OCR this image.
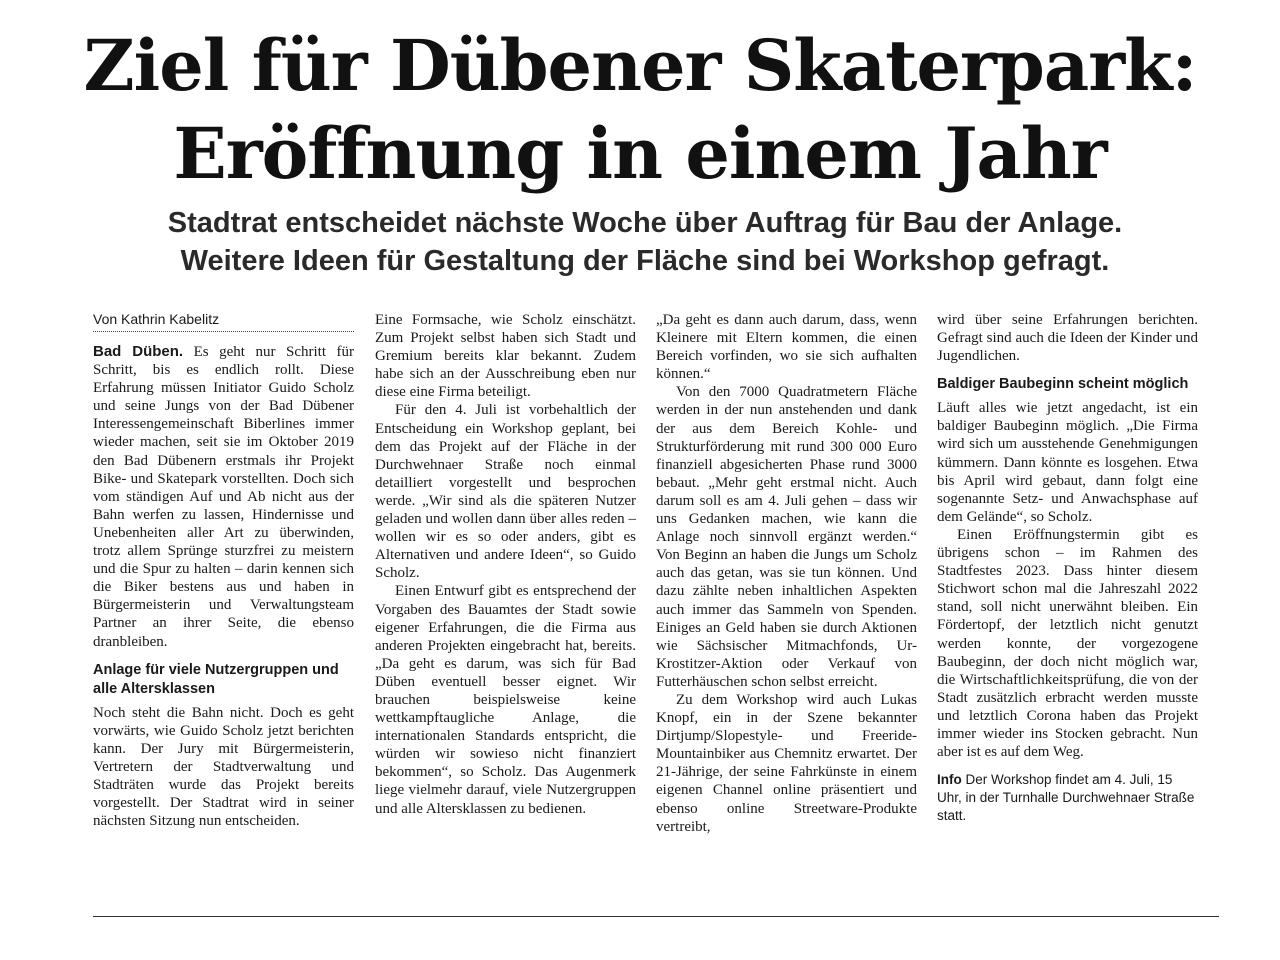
Ziel für Dübener Skaterpark:
Eröffnung in einem Jahr
Stadtrat entscheidet nächste Woche über Auftrag für Bau der Anlage.
Weitere Ideen für Gestaltung der Fläche sind bei Workshop gefragt.
Von Kathrin Kabelitz

Bad Düben. Es geht nur Schritt für Schritt, bis es endlich rollt. Diese Erfahrung müssen Initiator Guido Scholz und seine Jungs von der Bad Dübener Interessengemeinschaft Biberlines immer wieder machen, seit sie im Oktober 2019 den Bad Dübenern erstmals ihr Projekt Bike- und Skatepark vorstellten. Doch sich vom ständigen Auf und Ab nicht aus der Bahn werfen zu lassen, Hindernisse und Unebenheiten aller Art zu überwinden, trotz allem Sprünge sturzfrei zu meistern und die Spur zu halten – darin kennen sich die Biker bestens aus und haben in Bürgermeisterin und Verwaltungsteam Partner an ihrer Seite, die ebenso dranbleiben.

Anlage für viele Nutzergruppen und alle Altersklassen

Noch steht die Bahn nicht. Doch es geht vorwärts, wie Guido Scholz jetzt berichten kann. Der Jury mit Bürgermeisterin, Vertretern der Stadtverwaltung und Stadträten wurde das Projekt bereits vorgestellt. Der Stadtrat wird in seiner nächsten Sitzung nun entscheiden.

Eine Formsache, wie Scholz einschätzt. Zum Projekt selbst haben sich Stadt und Gremium bereits klar bekannt. Zudem habe sich an der Ausschreibung eben nur diese eine Firma beteiligt.

Für den 4. Juli ist vorbehaltlich der Entscheidung ein Workshop geplant, bei dem das Projekt auf der Fläche in der Durchwehnaer Straße noch einmal detailliert vorgestellt und besprochen werde. „Wir sind als die späteren Nutzer geladen und wollen dann über alles reden – wollen wir es so oder anders, gibt es Alternativen und andere Ideen“, so Guido Scholz.

Einen Entwurf gibt es entsprechend der Vorgaben des Bauamtes der Stadt sowie eigener Erfahrungen, die die Firma aus anderen Projekten eingebracht hat, bereits. „Da geht es darum, was sich für Bad Düben eventuell besser eignet. Wir brauchen beispielsweise keine wettkampftaugliche Anlage, die internationalen Standards entspricht, die würden wir sowieso nicht finanziert bekommen“, so Scholz. Das Augenmerk liege vielmehr darauf, viele Nutzergruppen und alle Altersklassen zu bedienen.

„Da geht es dann auch darum, dass, wenn Kleinere mit Eltern kommen, die einen Bereich vorfinden, wo sie sich aufhalten können.“

Von den 7000 Quadratmetern Fläche werden in der nun anstehenden und dank der aus dem Bereich Kohle- und Strukturförderung mit rund 300 000 Euro finanziell abgesicherten Phase rund 3000 bebaut. „Mehr geht erstmal nicht. Auch darum soll es am 4. Juli gehen – dass wir uns Gedanken machen, wie kann die Anlage noch sinnvoll ergänzt werden.“ Von Beginn an haben die Jungs um Scholz auch das getan, was sie tun können. Und dazu zählte neben inhaltlichen Aspekten auch immer das Sammeln von Spenden. Einiges an Geld haben sie durch Aktionen wie Sächsischer Mitmachfonds, Ur-Krostitzer-Aktion oder Verkauf von Futterhäuschen schon selbst erreicht.

Zu dem Workshop wird auch Lukas Knopf, ein in der Szene bekannter Dirtjump/Slopestyle- und Freeride-Mountainbiker aus Chemnitz erwartet. Der 21-Jährige, der seine Fahrkünste in einem eigenen Channel online präsentiert und ebenso online Streetware-Produkte vertreibt,

wird über seine Erfahrungen berichten. Gefragt sind auch die Ideen der Kinder und Jugendlichen.

Baldiger Baubeginn scheint möglich

Läuft alles wie jetzt angedacht, ist ein baldiger Baubeginn möglich. „Die Firma wird sich um ausstehende Genehmigungen kümmern. Dann könnte es losgehen. Etwa bis April wird gebaut, dann folgt eine sogenannte Setz- und Anwachsphase auf dem Gelände“, so Scholz.

Einen Eröffnungstermin gibt es übrigens schon – im Rahmen des Stadtfestes 2023. Dass hinter diesem Stichwort schon mal die Jahreszahl 2022 stand, soll nicht unerwähnt bleiben. Ein Fördertopf, der letztlich nicht genutzt werden konnte, der vorgezogene Baubeginn, der doch nicht möglich war, die Wirtschaftlichkeitsprüfung, die von der Stadt zusätzlich erbracht werden musste und letztlich Corona haben das Projekt immer wieder ins Stocken gebracht. Nun aber ist es auf dem Weg.

Info Der Workshop findet am 4. Juli, 15 Uhr, in der Turnhalle Durchwehnaer Straße statt.
